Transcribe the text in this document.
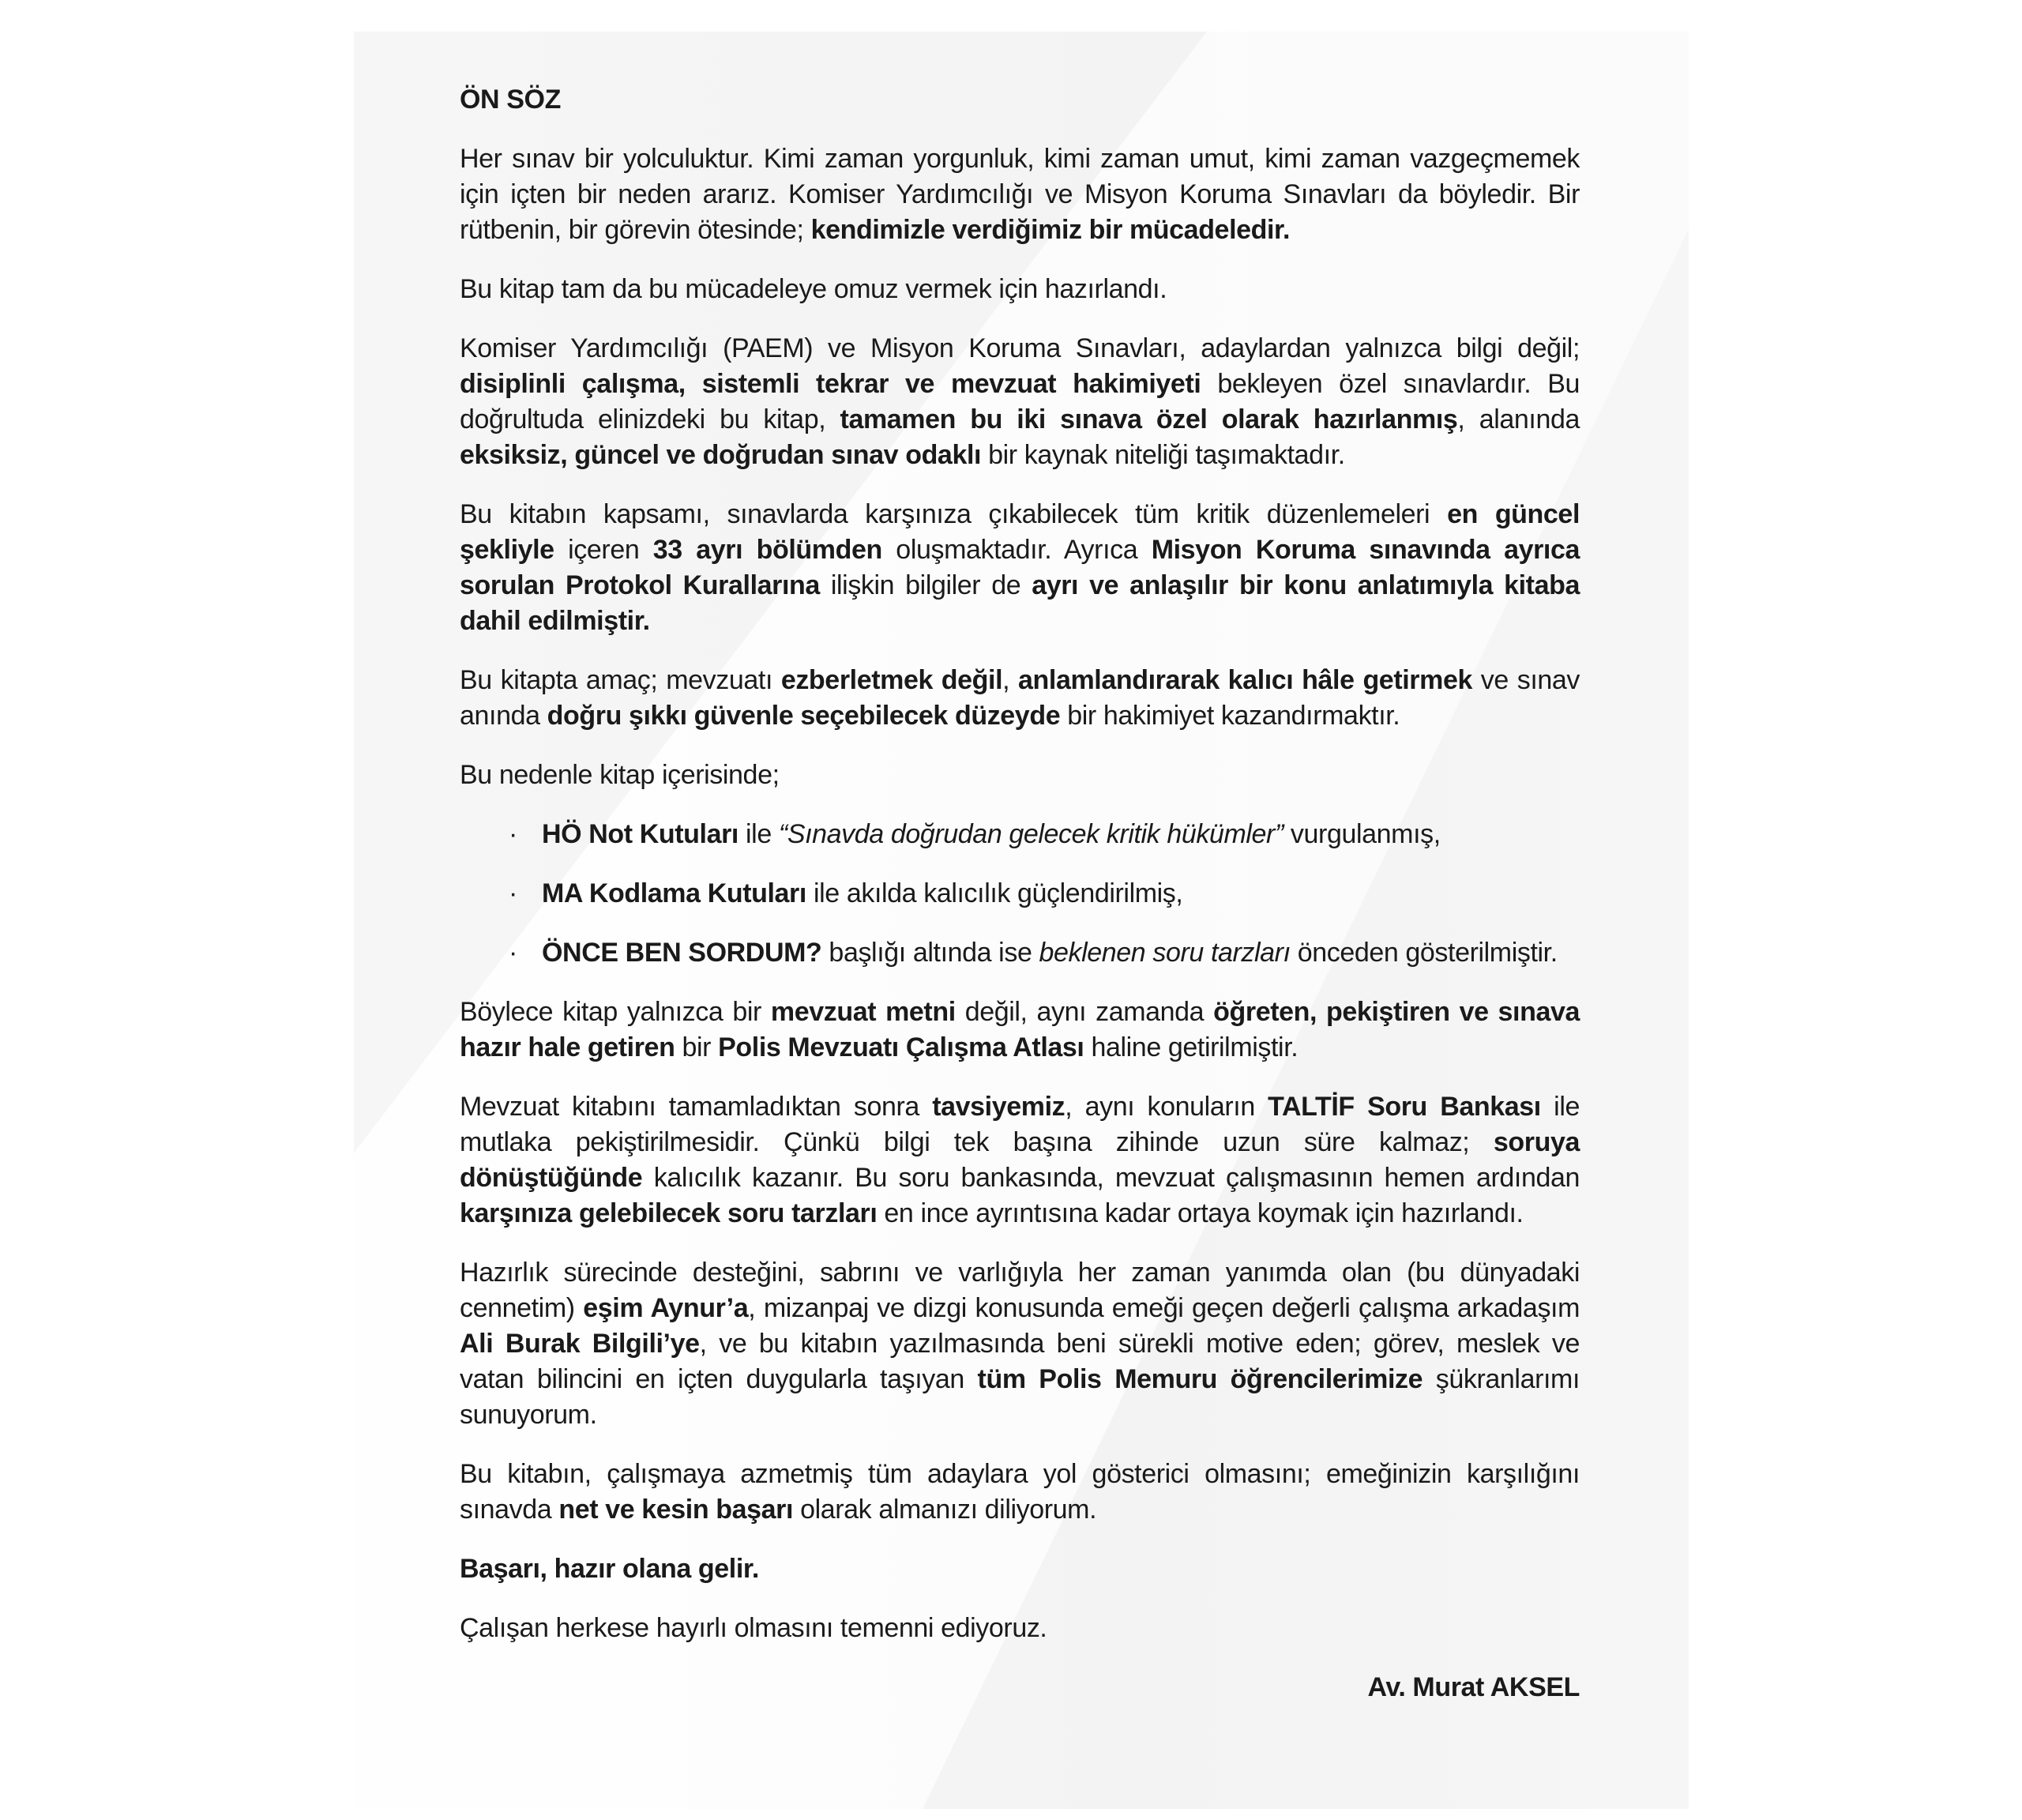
ÖN SÖZ

Her sınav bir yolculuktur. Kimi zaman yorgunluk, kimi zaman umut, kimi zaman vazgeçmemek için içten bir neden ararız. Komiser Yardımcılığı ve Misyon Koruma Sınavları da böyledir. Bir rütbenin, bir görevin ötesinde; kendimizle verdiğimiz bir mücadeledir.

Bu kitap tam da bu mücadeleye omuz vermek için hazırlandı.

Komiser Yardımcılığı (PAEM) ve Misyon Koruma Sınavları, adaylardan yalnızca bilgi değil; disiplinli çalışma, sistemli tekrar ve mevzuat hakimiyeti bekleyen özel sınavlardır. Bu doğrultuda elinizdeki bu kitap, tamamen bu iki sınava özel olarak hazırlanmış, alanında eksiksiz, güncel ve doğrudan sınav odaklı bir kaynak niteliği taşımaktadır.

Bu kitabın kapsamı, sınavlarda karşınıza çıkabilecek tüm kritik düzenlemeleri en güncel şekliyle içeren 33 ayrı bölümden oluşmaktadır. Ayrıca Misyon Koruma sınavında ayrıca sorulan Protokol Kurallarına ilişkin bilgiler de ayrı ve anlaşılır bir konu anlatımıyla kitaba dahil edilmiştir.

Bu kitapta amaç; mevzuatı ezberletmek değil, anlamlandırarak kalıcı hâle getirmek ve sınav anında doğru şıkkı güvenle seçebilecek düzeyde bir hakimiyet kazandırmaktır.

Bu nedenle kitap içerisinde;

· HÖ Not Kutuları ile “Sınavda doğrudan gelecek kritik hükümler” vurgulanmış,
· MA Kodlama Kutuları ile akılda kalıcılık güçlendirilmiş,
· ÖNCE BEN SORDUM? başlığı altında ise beklenen soru tarzları önceden gösterilmiştir.

Böylece kitap yalnızca bir mevzuat metni değil, aynı zamanda öğreten, pekiştiren ve sınava hazır hale getiren bir Polis Mevzuatı Çalışma Atlası haline getirilmiştir.

Mevzuat kitabını tamamladıktan sonra tavsiyemiz, aynı konuların TALTİF Soru Bankası ile mutlaka pekiştirilmesidir. Çünkü bilgi tek başına zihinde uzun süre kalmaz; soruya dönüştüğünde kalıcılık kazanır. Bu soru bankasında, mevzuat çalışmasının hemen ardından karşınıza gelebilecek soru tarzları en ince ayrıntısına kadar ortaya koymak için hazırlandı.

Hazırlık sürecinde desteğini, sabrını ve varlığıyla her zaman yanımda olan (bu dünyadaki cennetim) eşim Aynur’a, mizanpaj ve dizgi konusunda emeği geçen değerli çalışma arkadaşım Ali Burak Bilgili’ye, ve bu kitabın yazılmasında beni sürekli motive eden; görev, meslek ve vatan bilincini en içten duygularla taşıyan tüm Polis Memuru öğrencilerimize şükranlarımı sunuyorum.

Bu kitabın, çalışmaya azmetmiş tüm adaylara yol gösterici olmasını; emeğinizin karşılığını sınavda net ve kesin başarı olarak almanızı diliyorum.

Başarı, hazır olana gelir.

Çalışan herkese hayırlı olmasını temenni ediyoruz.

Av. Murat AKSEL
